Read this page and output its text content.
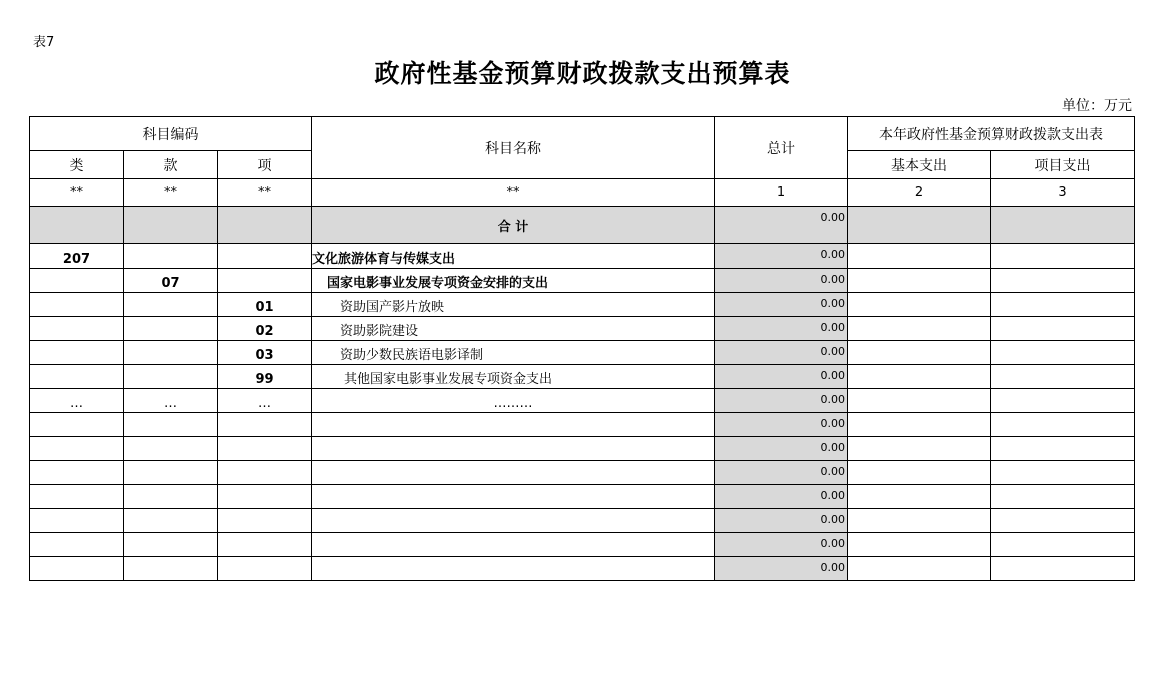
表7
政府性基金预算财政拨款支出预算表
单位：万元
科目编码			科目名称	总计	本年政府性基金预算财政拨款支出表	
类	款	项			基本支出	项目支出
**	**	**	**	1	2	3
			合 计	0.00		
207			文化旅游体育与传媒支出	0.00		
	07		国家电影事业发展专项资金安排的支出	0.00		
		01	资助国产影片放映	0.00		
		02	资助影院建设	0.00		
		03	资助少数民族语电影译制	0.00		
		99	其他国家电影事业发展专项资金支出	0.00		
…	…	…	………	0.00		
				0.00		
				0.00		
				0.00		
				0.00		
				0.00		
				0.00		
				0.00		
